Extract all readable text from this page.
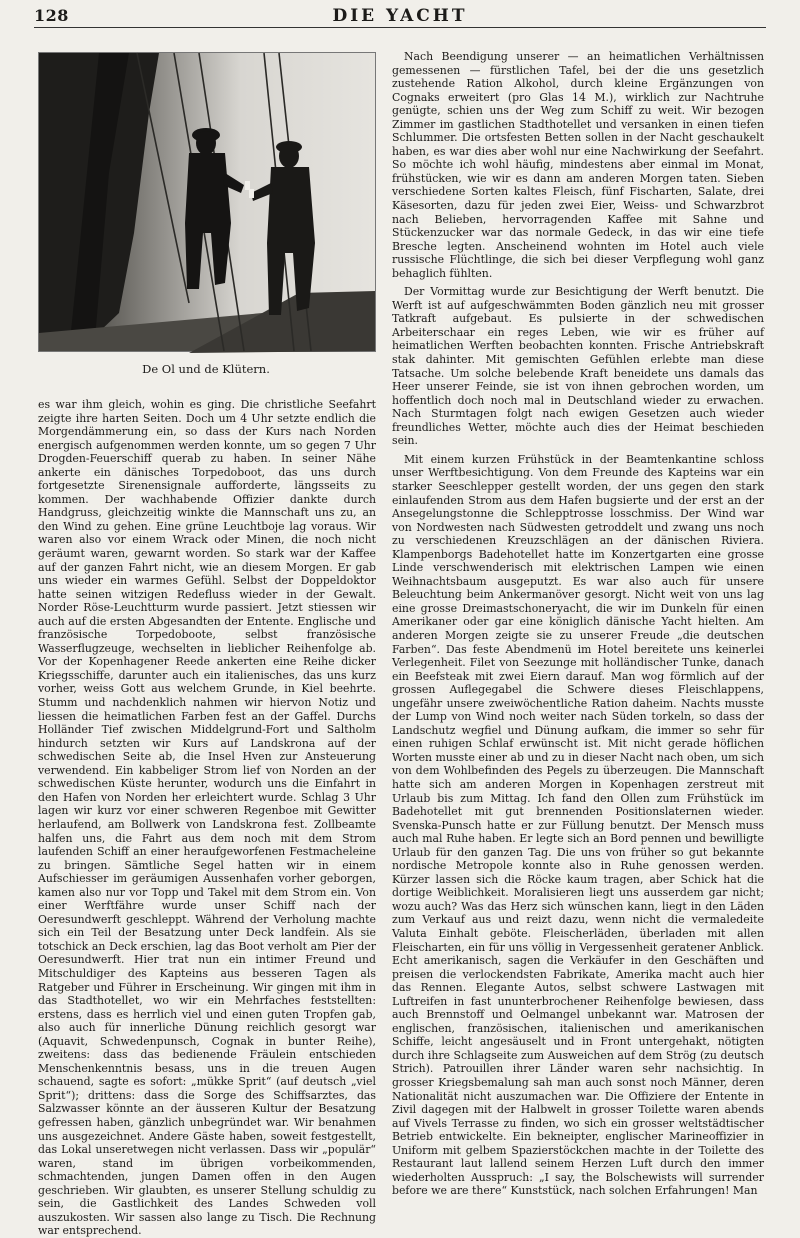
128	DIE YACHT
De Ol und de Klütern.

es war ihm gleich, wohin es ging. Die christliche Seefahrt zeigte ihre harten Seiten. Doch um 4 Uhr setzte endlich die Morgendämmerung ein, so dass der Kurs nach Norden energisch aufgenommen werden konnte, um so gegen 7 Uhr Drogden-Feuerschiff querab zu haben. In seiner Nähe ankerte ein dänisches Torpedoboot, das uns durch fortgesetzte Sirenensignale aufforderte, längsseits zu kommen. Der wachhabende Offizier dankte durch Handgruss, gleichzeitig winkte die Mannschaft uns zu, an den Wind zu gehen. Eine grüne Leuchtboje lag voraus. Wir waren also vor einem Wrack oder Minen, die noch nicht geräumt waren, gewarnt worden. So stark war der Kaffee auf der ganzen Fahrt nicht, wie an diesem Morgen. Er gab uns wieder ein warmes Gefühl. Selbst der Doppeldoktor hatte seinen witzigen Redefluss wieder in der Gewalt. Norder Röse-Leuchtturm wurde passiert. Jetzt stiessen wir auch auf die ersten Abgesandten der Entente. Englische und französische Torpedoboote, selbst französische Wasserflugzeuge, wechselten in lieblicher Reihenfolge ab. Vor der Kopenhagener Reede ankerten eine Reihe dicker Kriegsschiffe, darunter auch ein italienisches, das uns kurz vorher, weiss Gott aus welchem Grunde, in Kiel beehrte. Stumm und nachdenklich nahmen wir hiervon Notiz und liessen die heimatlichen Farben fest an der Gaffel. Durchs Holländer Tief zwischen Middelgrund-Fort und Saltholm hindurch setzten wir Kurs auf Landskrona auf der schwedischen Seite ab, die Insel Hven zur Ansteuerung verwendend. Ein kabbeliger Strom lief von Norden an der schwedischen Küste herunter, wodurch uns die Einfahrt in den Hafen von Norden her erleichtert wurde. Schlag 3 Uhr lagen wir kurz vor einer schweren Regenboe mit Gewitter herlaufend, am Bollwerk von Landskrona fest. Zollbeamte halfen uns, die Fahrt aus dem noch mit dem Strom laufenden Schiff an einer heraufgeworfenen Festmacheleine zu bringen. Sämtliche Segel hatten wir in einem Aufschiesser im geräumigen Aussenhafen vorher geborgen, kamen also nur vor Topp und Takel mit dem Strom ein. Von einer Werftfähre wurde unser Schiff nach der Oeresundwerft geschleppt. Während der Verholung machte sich ein Teil der Besatzung unter Deck landfein. Als sie totschick an Deck erschien, lag das Boot verholt am Pier der Oeresundwerft. Hier trat nun ein intimer Freund und Mitschuldiger des Kapteins aus besseren Tagen als Ratgeber und Führer in Erscheinung. Wir gingen mit ihm in das Stadthotellet, wo wir ein Mehrfaches feststellten: erstens, dass es herrlich viel und einen guten Tropfen gab, also auch für innerliche Dünung reichlich gesorgt war (Aquavit, Schwedenpunsch, Cognak in bunter Reihe), zweitens: dass das bedienende Fräulein entschieden Menschenkenntnis besass, uns in die treuen Augen schauend, sagte es sofort: „mükke Sprit“ (auf deutsch „viel Sprit“); drittens: dass die Sorge des Schiffsarztes, das Salzwasser könnte an der äusseren Kultur der Besatzung gefressen haben, gänzlich unbegründet war. Wir benahmen uns ausgezeichnet. Andere Gäste haben, soweit festgestellt, das Lokal unseretwegen nicht verlassen. Dass wir „populär“ waren, stand im übrigen vorbeikommenden, schmachtenden, jungen Damen offen in den Augen geschrieben. Wir glaubten, es unserer Stellung schuldig zu sein, die Gastlichkeit des Landes Schweden voll auszukosten. Wir sassen also lange zu Tisch. Die Rechnung war entsprechend.

Nach Beendigung unserer — an heimatlichen Verhältnissen gemessenen — fürstlichen Tafel, bei der die uns gesetzlich zustehende Ration Alkohol, durch kleine Ergänzungen von Cognaks erweitert (pro Glas 14 M.), wirklich zur Nachtruhe genügte, schien uns der Weg zum Schiff zu weit. Wir bezogen Zimmer im gastlichen Stadthotellet und versanken in einen tiefen Schlummer. Die ortsfesten Betten sollen in der Nacht geschaukelt haben, es war dies aber wohl nur eine Nachwirkung der Seefahrt. So möchte ich wohl häufig, mindestens aber einmal im Monat, frühstücken, wie wir es dann am anderen Morgen taten. Sieben verschiedene Sorten kaltes Fleisch, fünf Fischarten, Salate, drei Käsesorten, dazu für jeden zwei Eier, Weiss- und Schwarzbrot nach Belieben, hervorragenden Kaffee mit Sahne und Stückenzucker war das normale Gedeck, in das wir eine tiefe Bresche legten. Anscheinend wohnten im Hotel auch viele russische Flüchtlinge, die sich bei dieser Verpflegung wohl ganz behaglich fühlten.

Der Vormittag wurde zur Besichtigung der Werft benutzt. Die Werft ist auf aufgeschwämmten Boden gänzlich neu mit grosser Tatkraft aufgebaut. Es pulsierte in der schwedischen Arbeiterschaar ein reges Leben, wie wir es früher auf heimatlichen Werften beobachten konnten. Frische Antriebskraft stak dahinter. Mit gemischten Gefühlen erlebte man diese Tatsache. Um solche belebende Kraft beneidete uns damals das Heer unserer Feinde, sie ist von ihnen gebrochen worden, um hoffentlich doch noch mal in Deutschland wieder zu erwachen. Nach Sturmtagen folgt nach ewigen Gesetzen auch wieder freundliches Wetter, möchte auch dies der Heimat beschieden sein.

Mit einem kurzen Frühstück in der Beamtenkantine schloss unser Werftbesichtigung. Von dem Freunde des Kapteins war ein starker Seeschlepper gestellt worden, der uns gegen den stark einlaufenden Strom aus dem Hafen bugsierte und der erst an der Ansegelungstonne die Schlepptrosse losschmiss. Der Wind war von Nordwesten nach Südwesten getroddelt und zwang uns noch zu verschiedenen Kreuzschlägen an der dänischen Riviera. Klampenborgs Badehotellet hatte im Konzertgarten eine grosse Linde verschwenderisch mit elektrischen Lampen wie einen Weihnachtsbaum ausgeputzt. Es war also auch für unsere Beleuchtung beim Ankermanöver gesorgt. Nicht weit von uns lag eine grosse Dreimastschoneryacht, die wir im Dunkeln für einen Amerikaner oder gar eine königlich dänische Yacht hielten. Am anderen Morgen zeigte sie zu unserer Freude „die deutschen Farben“. Das feste Abendmenü im Hotel bereitete uns keinerlei Verlegenheit. Filet von Seezunge mit holländischer Tunke, danach ein Beefsteak mit zwei Eiern darauf. Man wog förmlich auf der grossen Auflegegabel die Schwere dieses Fleischlappens, ungefähr unsere zweiwöchentliche Ration daheim. Nachts musste der Lump von Wind noch weiter nach Süden torkeln, so dass der Landschutz wegfiel und Dünung aufkam, die immer so sehr für einen ruhigen Schlaf erwünscht ist. Mit nicht gerade höflichen Worten musste einer ab und zu in dieser Nacht nach oben, um sich von dem Wohlbefinden des Pegels zu überzeugen. Die Mannschaft hatte sich am anderen Morgen in Kopenhagen zerstreut mit Urlaub bis zum Mittag. Ich fand den Ollen zum Frühstück im Badehotellet mit gut brennenden Positionslaternen wieder. Svenska-Punsch hatte er zur Füllung benutzt. Der Mensch muss auch mal Ruhe haben. Er legte sich an Bord pennen und bewilligte Urlaub für den ganzen Tag. Die uns von früher so gut bekannte nordische Metropole konnte also in Ruhe genossen werden. Kürzer lassen sich die Röcke kaum tragen, aber Schick hat die dortige Weiblichkeit. Moralisieren liegt uns ausserdem gar nicht; wozu auch? Was das Herz sich wünschen kann, liegt in den Läden zum Verkauf aus und reizt dazu, wenn nicht die vermaledeite Valuta Einhalt geböte. Fleischerläden, überladen mit allen Fleischarten, ein für uns völlig in Vergessenheit geratener Anblick. Echt amerikanisch, sagen die Verkäufer in den Geschäften und preisen die verlockendsten Fabrikate, Amerika macht auch hier das Rennen. Elegante Autos, selbst schwere Lastwagen mit Luftreifen in fast ununterbrochener Reihenfolge bewiesen, dass auch Brennstoff und Oelmangel unbekannt war. Matrosen der englischen, französischen, italienischen und amerikanischen Schiffe, leicht angesäuselt und in Front untergehakt, nötigten durch ihre Schlagseite zum Ausweichen auf dem Strög (zu deutsch Strich). Patrouillen ihrer Länder waren sehr nachsichtig. In grosser Kriegsbemalung sah man auch sonst noch Männer, deren Nationalität nicht auszumachen war. Die Offiziere der Entente in Zivil dagegen mit der Halbwelt in grosser Toilette waren abends auf Vivels Terrasse zu finden, wo sich ein grosser weltstädtischer Betrieb entwickelte. Ein bekneipter, englischer Marineoffizier in Uniform mit gelbem Spazierstöckchen machte in der Toilette des Restaurant laut lallend seinem Herzen Luft durch den immer wiederholten Ausspruch: „I say, the Bolschewists will surrender before we are there“ Kunststück, nach solchen Erfahrungen! Man
